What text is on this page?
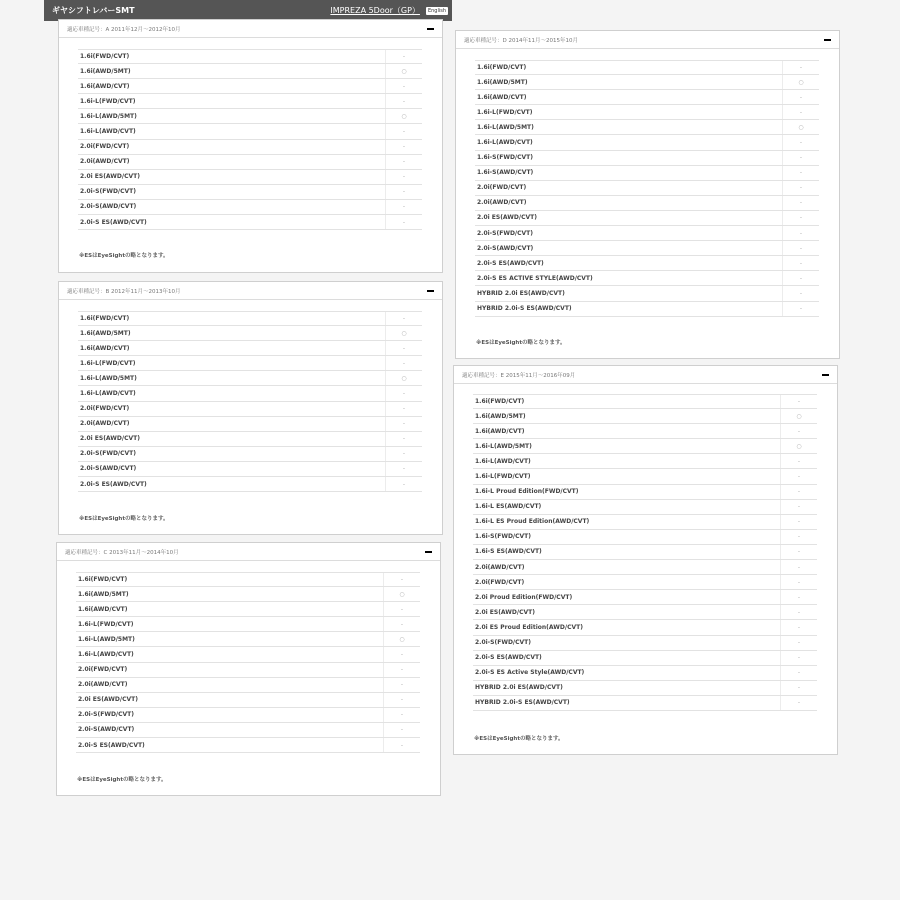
ギヤシフトレバーSMT	IMPREZA 5Door（GP）	English
適応車種記号：A 2011年12月～2012年10月
1.6i(FWD/CVT)	-
1.6i(AWD/5MT)	○
1.6i(AWD/CVT)	-
1.6i-L(FWD/CVT)	-
1.6i-L(AWD/5MT)	○
1.6i-L(AWD/CVT)	-
2.0i(FWD/CVT)	-
2.0i(AWD/CVT)	-
2.0i ES(AWD/CVT)	-
2.0i-S(FWD/CVT)	-
2.0i-S(AWD/CVT)	-
2.0i-S ES(AWD/CVT)	-
※ESはEyeSightの略となります。
適応車種記号：B 2012年11月～2013年10月
1.6i(FWD/CVT)	-
1.6i(AWD/5MT)	○
1.6i(AWD/CVT)	-
1.6i-L(FWD/CVT)	-
1.6i-L(AWD/5MT)	○
1.6i-L(AWD/CVT)	-
2.0i(FWD/CVT)	-
2.0i(AWD/CVT)	-
2.0i ES(AWD/CVT)	-
2.0i-S(FWD/CVT)	-
2.0i-S(AWD/CVT)	-
2.0i-S ES(AWD/CVT)	-
※ESはEyeSightの略となります。
適応車種記号：C 2013年11月～2014年10月
1.6i(FWD/CVT)	-
1.6i(AWD/5MT)	○
1.6i(AWD/CVT)	-
1.6i-L(FWD/CVT)	-
1.6i-L(AWD/5MT)	○
1.6i-L(AWD/CVT)	-
2.0i(FWD/CVT)	-
2.0i(AWD/CVT)	-
2.0i ES(AWD/CVT)	-
2.0i-S(FWD/CVT)	-
2.0i-S(AWD/CVT)	-
2.0i-S ES(AWD/CVT)	-
※ESはEyeSightの略となります。
適応車種記号：D 2014年11月～2015年10月
1.6i(FWD/CVT)	-
1.6i(AWD/5MT)	○
1.6i(AWD/CVT)	-
1.6i-L(FWD/CVT)	-
1.6i-L(AWD/5MT)	○
1.6i-L(AWD/CVT)	-
1.6i-S(FWD/CVT)	-
1.6i-S(AWD/CVT)	-
2.0i(FWD/CVT)	-
2.0i(AWD/CVT)	-
2.0i ES(AWD/CVT)	-
2.0i-S(FWD/CVT)	-
2.0i-S(AWD/CVT)	-
2.0i-S ES(AWD/CVT)	-
2.0i-S ES ACTIVE STYLE(AWD/CVT)	-
HYBRID 2.0i ES(AWD/CVT)	-
HYBRID 2.0i-S ES(AWD/CVT)	-
※ESはEyeSightの略となります。
適応車種記号：E 2015年11月～2016年09月
1.6i(FWD/CVT)	-
1.6i(AWD/5MT)	○
1.6i(AWD/CVT)	-
1.6i-L(AWD/5MT)	○
1.6i-L(AWD/CVT)	-
1.6i-L(FWD/CVT)	-
1.6i-L Proud Edition(FWD/CVT)	-
1.6i-L ES(AWD/CVT)	-
1.6i-L ES Proud Edition(AWD/CVT)	-
1.6i-S(FWD/CVT)	-
1.6i-S ES(AWD/CVT)	-
2.0i(AWD/CVT)	-
2.0i(FWD/CVT)	-
2.0i Proud Edition(FWD/CVT)	-
2.0i ES(AWD/CVT)	-
2.0i ES Proud Edition(AWD/CVT)	-
2.0i-S(FWD/CVT)	-
2.0i-S ES(AWD/CVT)	-
2.0i-S ES Active Style(AWD/CVT)	-
HYBRID 2.0i ES(AWD/CVT)	-
HYBRID 2.0i-S ES(AWD/CVT)	-
※ESはEyeSightの略となります。
